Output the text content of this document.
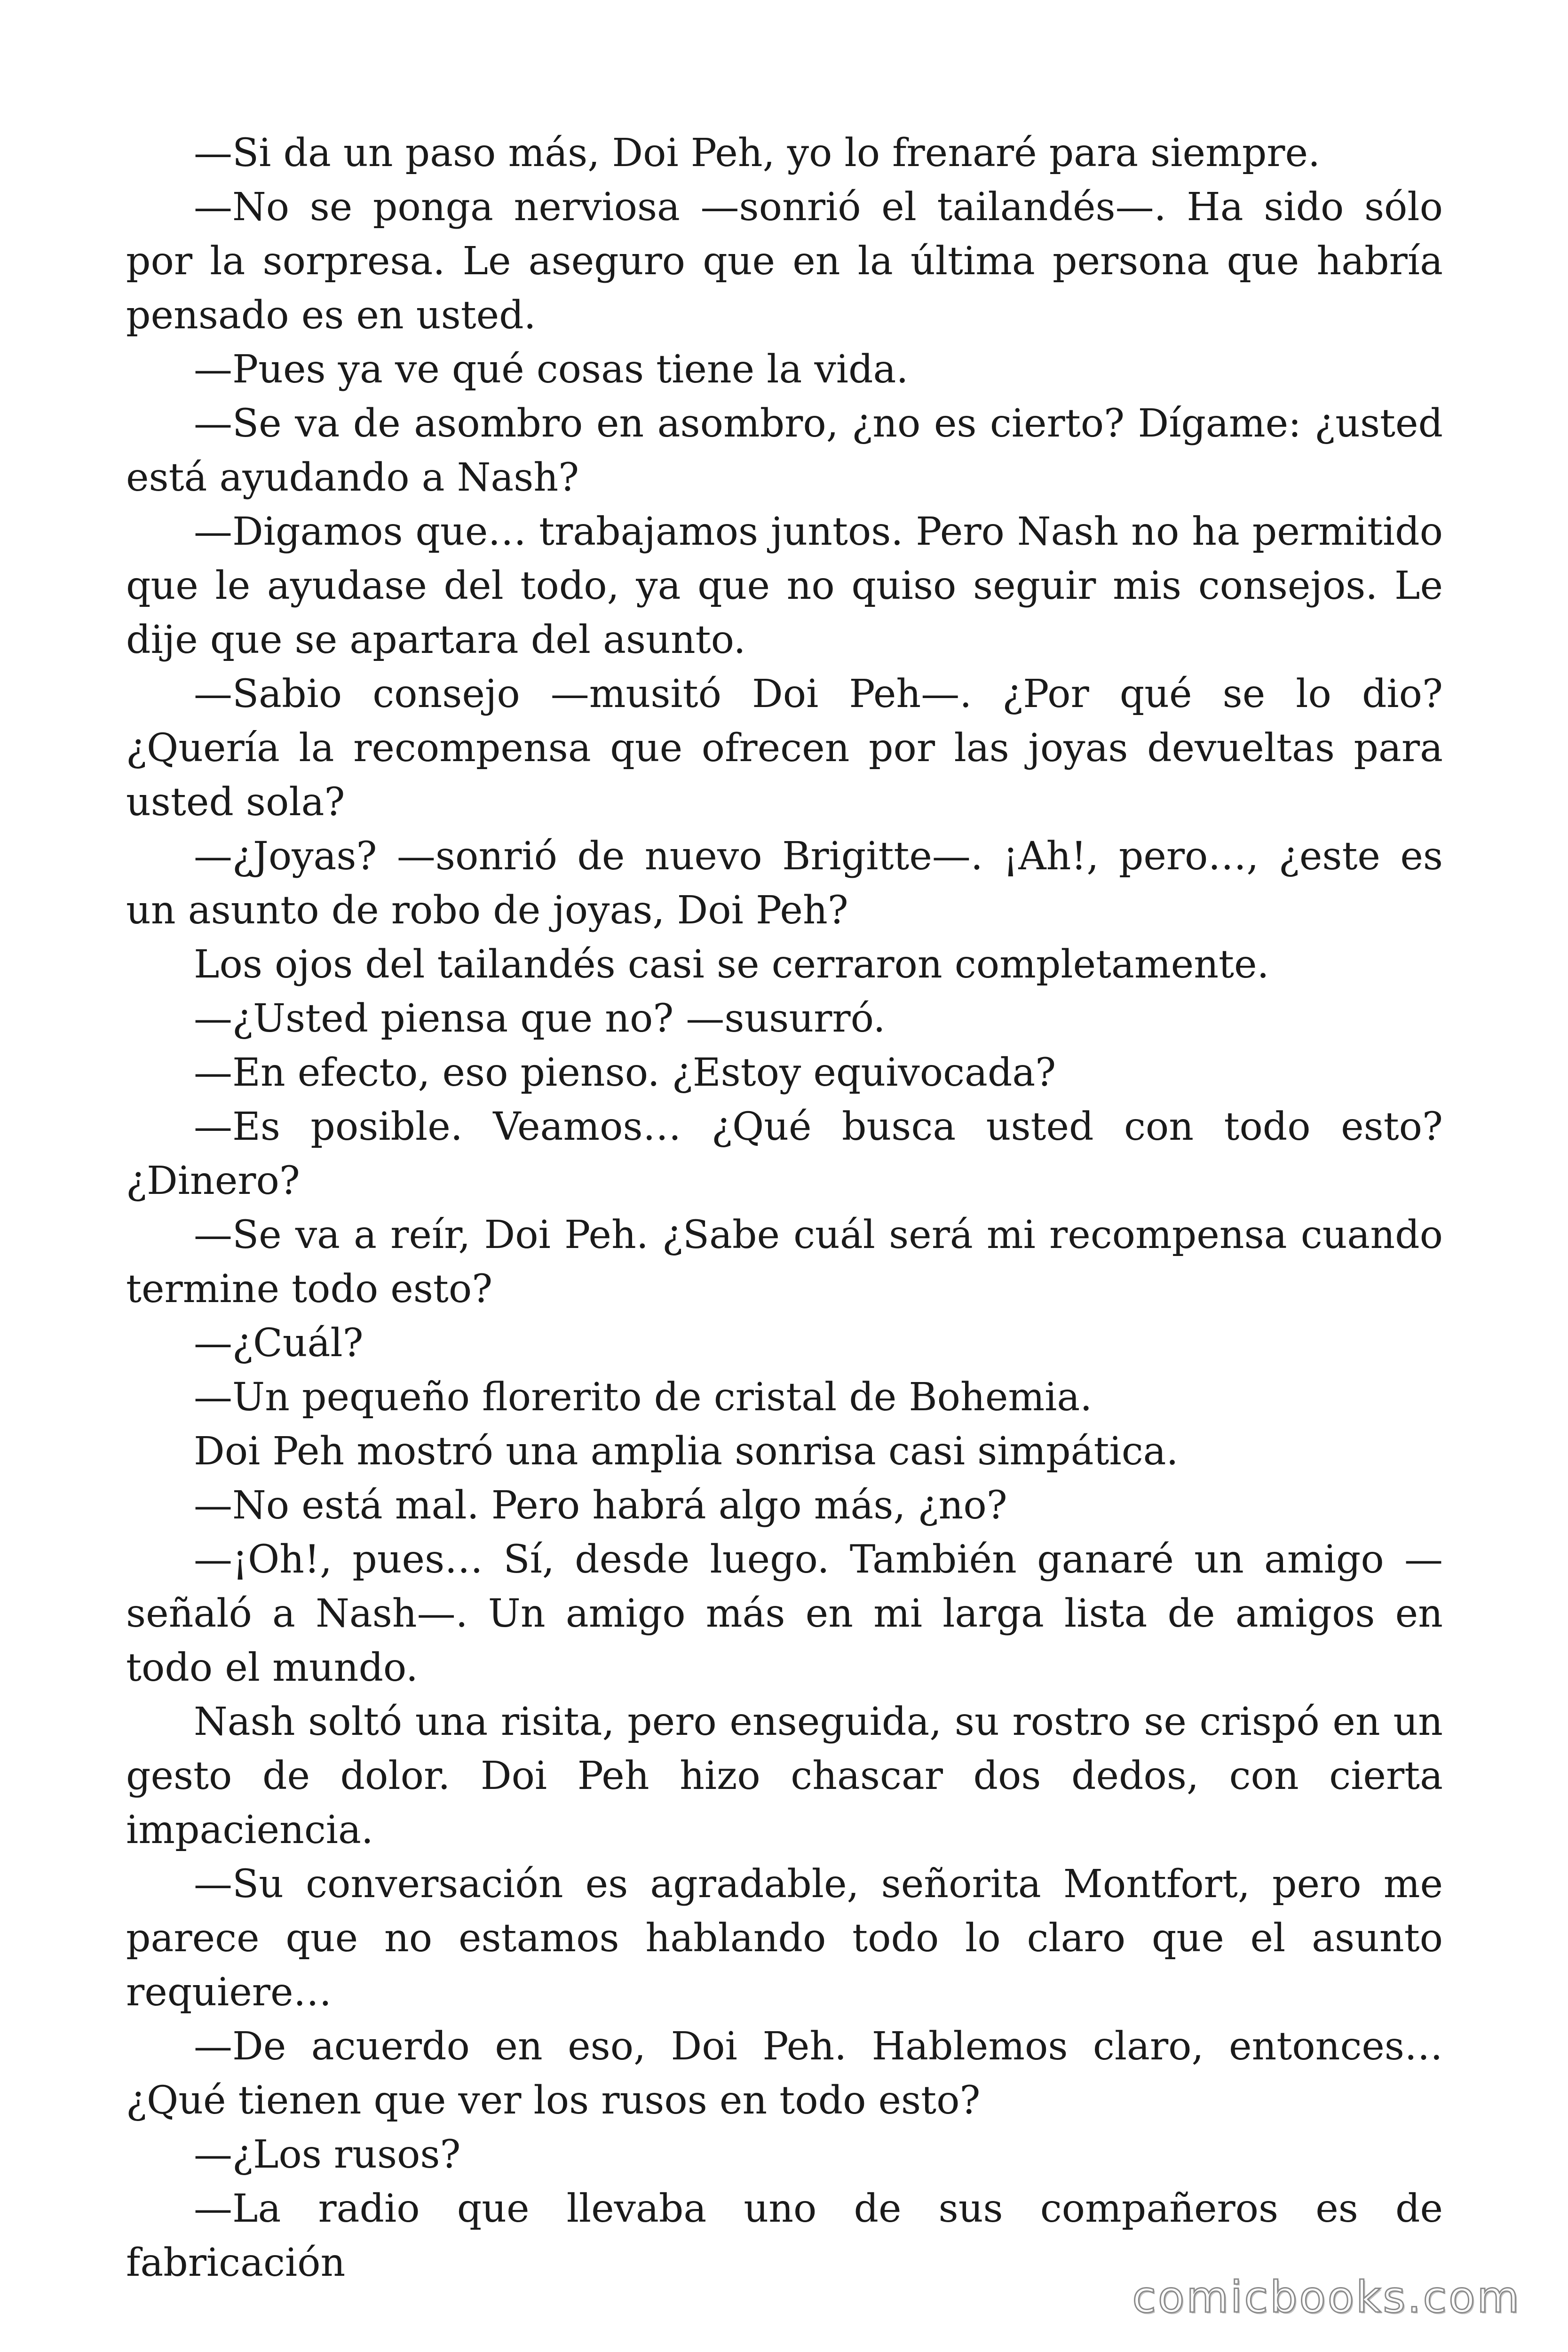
—Si da un paso más, Doi Peh, yo lo frenaré para siempre.

—No se ponga nerviosa —sonrió el tailandés—. Ha sido sólo por la sorpresa. Le aseguro que en la última persona que habría pensado es en usted.

—Pues ya ve qué cosas tiene la vida.

—Se va de asombro en asombro, ¿no es cierto? Dígame: ¿usted está ayudando a Nash?

—Digamos que… trabajamos juntos. Pero Nash no ha permitido que le ayudase del todo, ya que no quiso seguir mis consejos. Le dije que se apartara del asunto.

—Sabio consejo —musitó Doi Peh—. ¿Por qué se lo dio? ¿Quería la recompensa que ofrecen por las joyas devueltas para usted sola?

—¿Joyas? —sonrió de nuevo Brigitte—. ¡Ah!, pero…, ¿este es un asunto de robo de joyas, Doi Peh?

Los ojos del tailandés casi se cerraron completamente.

—¿Usted piensa que no? —susurró.

—En efecto, eso pienso. ¿Estoy equivocada?

—Es posible. Veamos… ¿Qué busca usted con todo esto? ¿Dinero?

—Se va a reír, Doi Peh. ¿Sabe cuál será mi recompensa cuando termine todo esto?

—¿Cuál?

—Un pequeño florerito de cristal de Bohemia.

Doi Peh mostró una amplia sonrisa casi simpática.

—No está mal. Pero habrá algo más, ¿no?

—¡Oh!, pues… Sí, desde luego. También ganaré un amigo —señaló a Nash—. Un amigo más en mi larga lista de amigos en todo el mundo.

Nash soltó una risita, pero enseguida, su rostro se crispó en un gesto de dolor. Doi Peh hizo chascar dos dedos, con cierta impaciencia.

—Su conversación es agradable, señorita Montfort, pero me parece que no estamos hablando todo lo claro que el asunto requiere…

—De acuerdo en eso, Doi Peh. Hablemos claro, entonces… ¿Qué tienen que ver los rusos en todo esto?

—¿Los rusos?

—La radio que llevaba uno de sus compañeros es de fabricación

comicbooks.com
